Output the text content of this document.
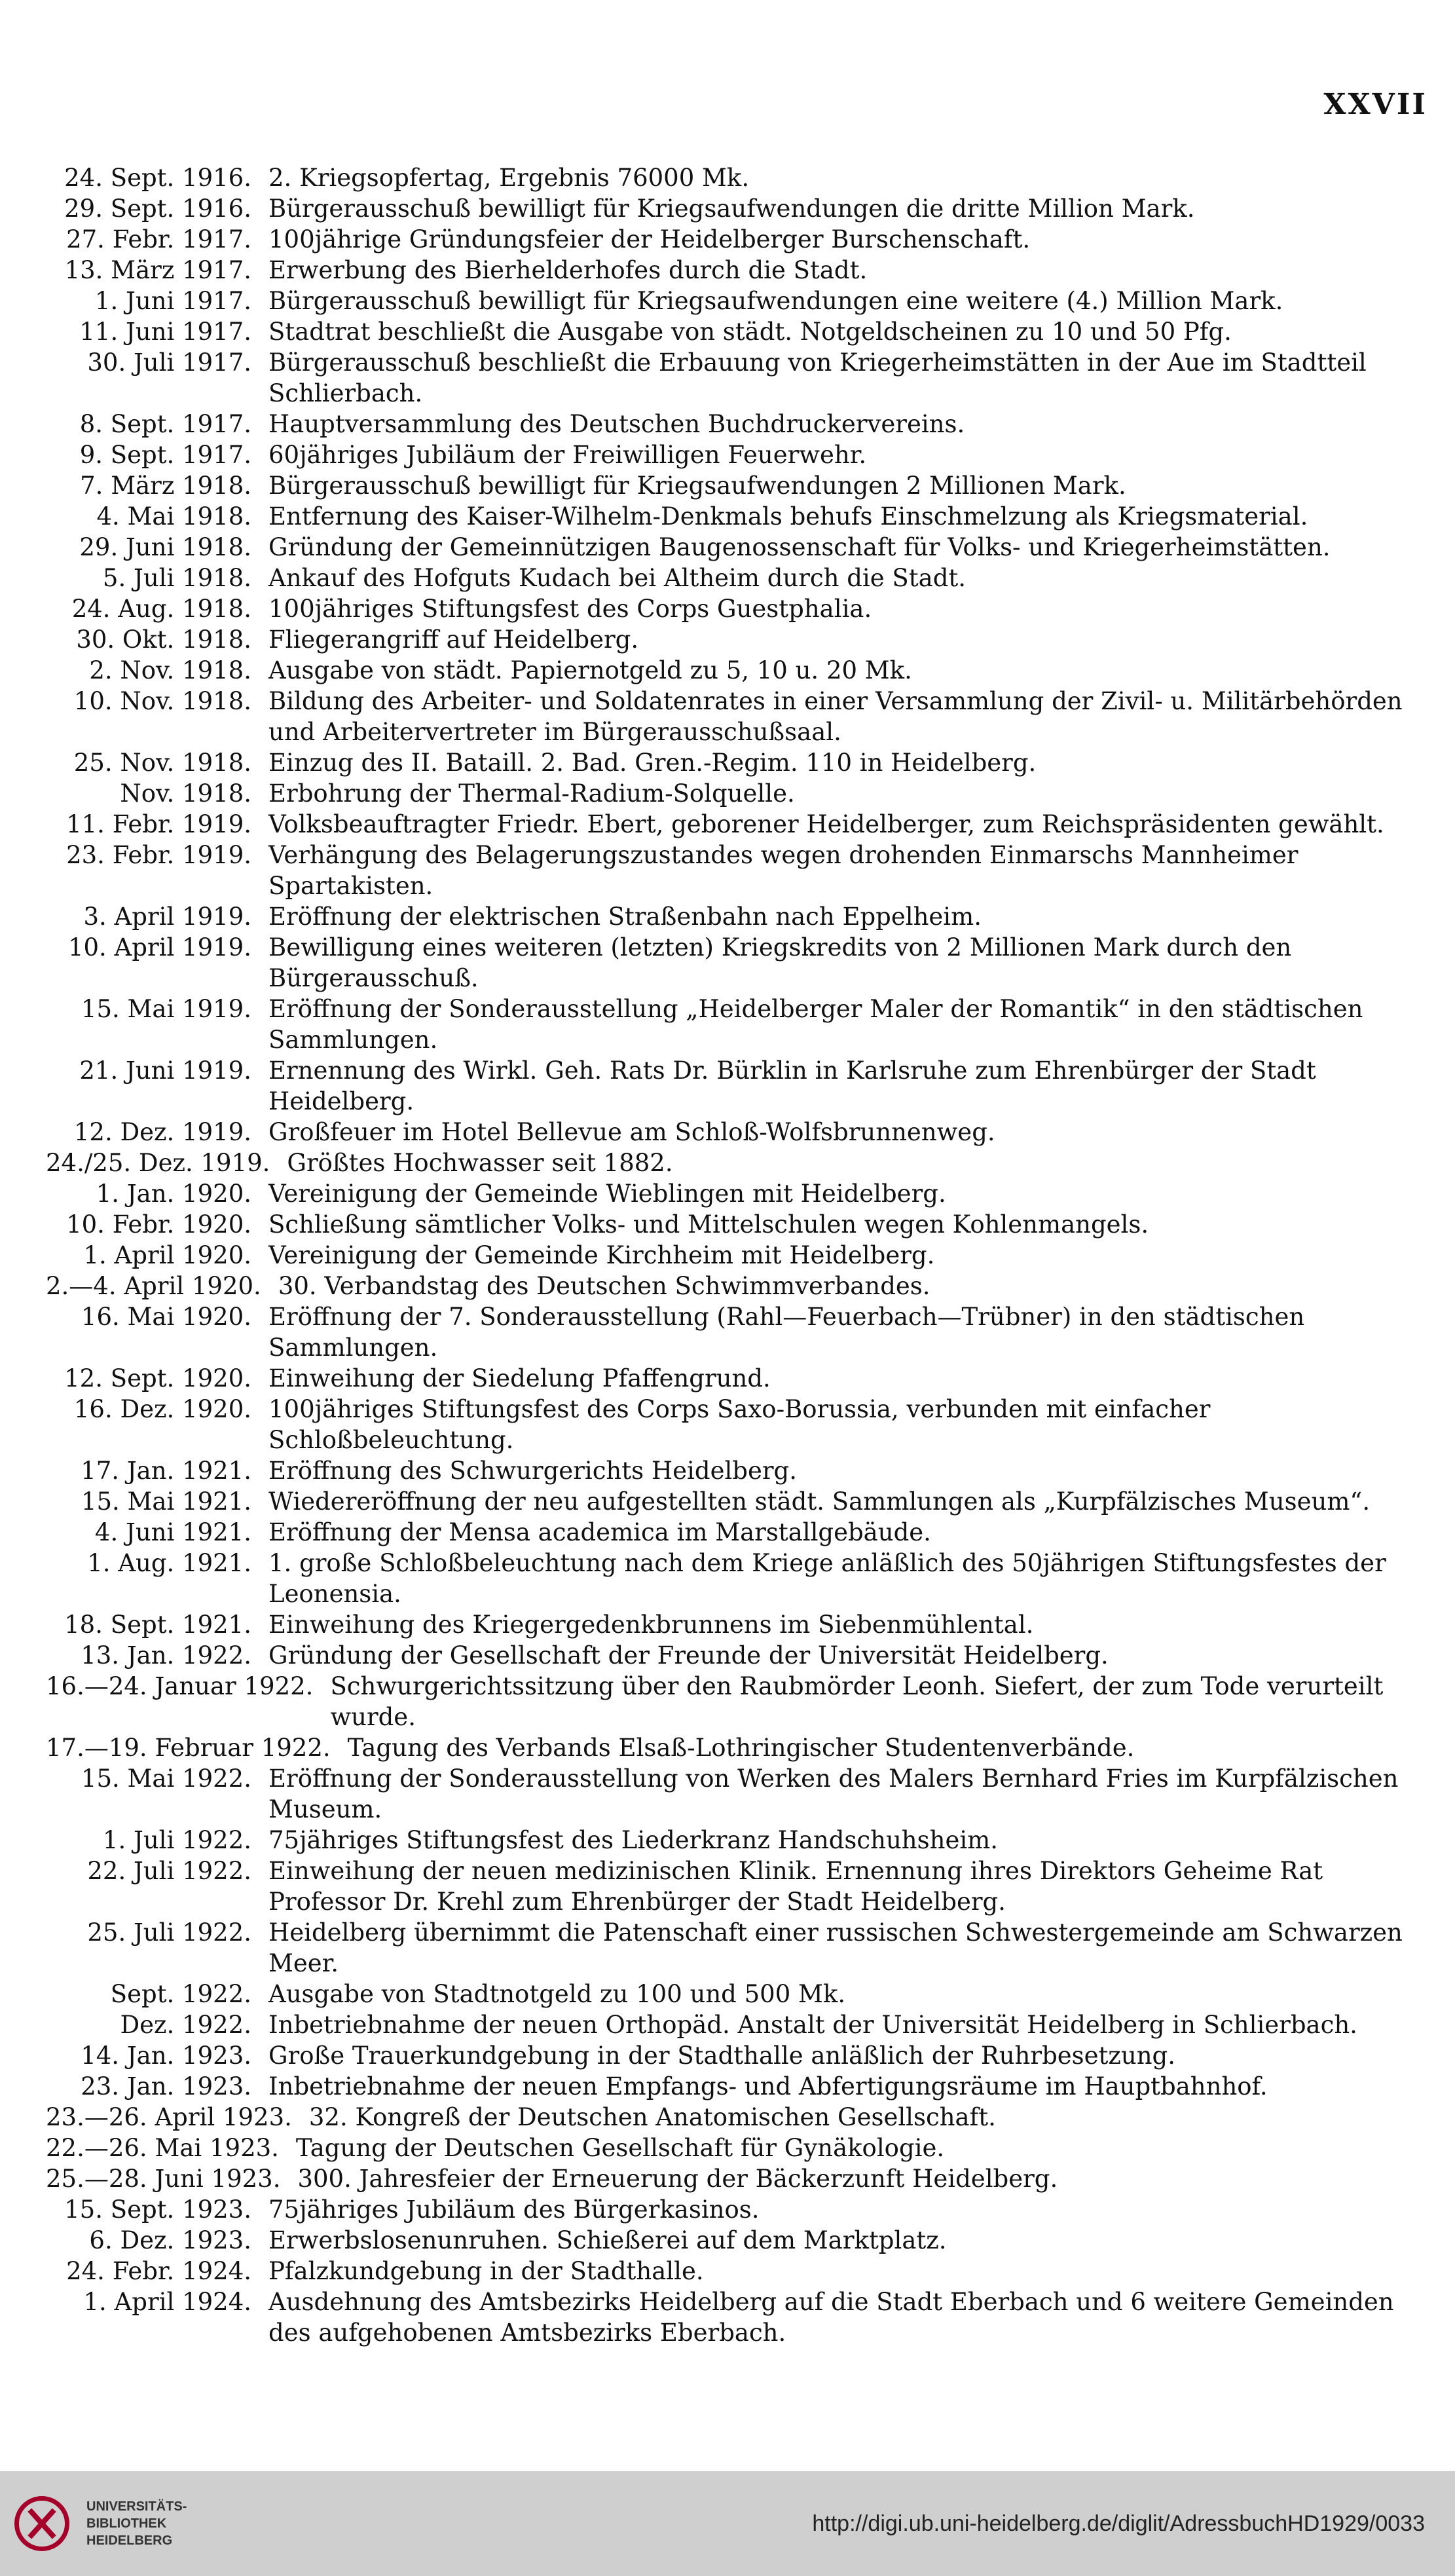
XXVII
24. Sept. 1916. 2. Kriegsopfertag, Ergebnis 76000 Mk.
29. Sept. 1916. Bürgerausschuß bewilligt für Kriegsaufwendungen die dritte Million Mark.
27. Febr. 1917. 100jährige Gründungsfeier der Heidelberger Burschenschaft.
13. März 1917. Erwerbung des Bierhelderhofes durch die Stadt.
1. Juni 1917. Bürgerausschuß bewilligt für Kriegsaufwendungen eine weitere (4.) Million Mark.
11. Juni 1917. Stadtrat beschließt die Ausgabe von städt. Notgeldscheinen zu 10 und 50 Pfg.
30. Juli 1917. Bürgerausschuß beschließt die Erbauung von Kriegerheimstätten in der Aue im Stadtteil Schlierbach.
8. Sept. 1917. Hauptversammlung des Deutschen Buchdruckervereins.
9. Sept. 1917. 60jähriges Jubiläum der Freiwilligen Feuerwehr.
7. März 1918. Bürgerausschuß bewilligt für Kriegsaufwendungen 2 Millionen Mark.
4. Mai 1918. Entfernung des Kaiser-Wilhelm-Denkmals behufs Einschmelzung als Kriegsmaterial.
29. Juni 1918. Gründung der Gemeinnützigen Baugenossenschaft für Volks- und Kriegerheimstätten.
5. Juli 1918. Ankauf des Hofguts Kudach bei Altheim durch die Stadt.
24. Aug. 1918. 100jähriges Stiftungsfest des Corps Guestphalia.
30. Okt. 1918. Fliegerangriff auf Heidelberg.
2. Nov. 1918. Ausgabe von städt. Papiernotgeld zu 5, 10 u. 20 Mk.
10. Nov. 1918. Bildung des Arbeiter- und Soldatenrates in einer Versammlung der Zivil- u. Militärbehörden und Arbeitervertreter im Bürgerausschußsaal.
25. Nov. 1918. Einzug des II. Bataill. 2. Bad. Gren.-Regim. 110 in Heidelberg.
Nov. 1918. Erbohrung der Thermal-Radium-Solquelle.
11. Febr. 1919. Volksbeauftragter Friedr. Ebert, geborener Heidelberger, zum Reichspräsidenten gewählt.
23. Febr. 1919. Verhängung des Belagerungszustandes wegen drohenden Einmarschs Mannheimer Spartakisten.
3. April 1919. Eröffnung der elektrischen Straßenbahn nach Eppelheim.
10. April 1919. Bewilligung eines weiteren (letzten) Kriegskredits von 2 Millionen Mark durch den Bürgerausschuß.
15. Mai 1919. Eröffnung der Sonderausstellung „Heidelberger Maler der Romantik“ in den städtischen Sammlungen.
21. Juni 1919. Ernennung des Wirkl. Geh. Rats Dr. Bürklin in Karlsruhe zum Ehrenbürger der Stadt Heidelberg.
12. Dez. 1919. Großfeuer im Hotel Bellevue am Schloß-Wolfsbrunnenweg.
24./25. Dez. 1919. Größtes Hochwasser seit 1882.
1. Jan. 1920. Vereinigung der Gemeinde Wieblingen mit Heidelberg.
10. Febr. 1920. Schließung sämtlicher Volks- und Mittelschulen wegen Kohlenmangels.
1. April 1920. Vereinigung der Gemeinde Kirchheim mit Heidelberg.
2.—4. April 1920. 30. Verbandstag des Deutschen Schwimmverbandes.
16. Mai 1920. Eröffnung der 7. Sonderausstellung (Rahl—Feuerbach—Trübner) in den städtischen Sammlungen.
12. Sept. 1920. Einweihung der Siedelung Pfaffengrund.
16. Dez. 1920. 100jähriges Stiftungsfest des Corps Saxo-Borussia, verbunden mit einfacher Schloßbeleuchtung.
17. Jan. 1921. Eröffnung des Schwurgerichts Heidelberg.
15. Mai 1921. Wiedereröffnung der neu aufgestellten städt. Sammlungen als „Kurpfälzisches Museum“.
4. Juni 1921. Eröffnung der Mensa academica im Marstallgebäude.
1. Aug. 1921. 1. große Schloßbeleuchtung nach dem Kriege anläßlich des 50jährigen Stiftungsfestes der Leonensia.
18. Sept. 1921. Einweihung des Kriegergedenkbrunnens im Siebenmühlental.
13. Jan. 1922. Gründung der Gesellschaft der Freunde der Universität Heidelberg.
16.—24. Januar 1922. Schwurgerichtssitzung über den Raubmörder Leonh. Siefert, der zum Tode verurteilt wurde.
17.—19. Februar 1922. Tagung des Verbands Elsaß-Lothringischer Studentenverbände.
15. Mai 1922. Eröffnung der Sonderausstellung von Werken des Malers Bernhard Fries im Kurpfälzischen Museum.
1. Juli 1922. 75jähriges Stiftungsfest des Liederkranz Handschuhsheim.
22. Juli 1922. Einweihung der neuen medizinischen Klinik. Ernennung ihres Direktors Geheime Rat Professor Dr. Krehl zum Ehrenbürger der Stadt Heidelberg.
25. Juli 1922. Heidelberg übernimmt die Patenschaft einer russischen Schwestergemeinde am Schwarzen Meer.
Sept. 1922. Ausgabe von Stadtnotgeld zu 100 und 500 Mk.
Dez. 1922. Inbetriebnahme der neuen Orthopäd. Anstalt der Universität Heidelberg in Schlierbach.
14. Jan. 1923. Große Trauerkundgebung in der Stadthalle anläßlich der Ruhrbesetzung.
23. Jan. 1923. Inbetriebnahme der neuen Empfangs- und Abfertigungsräume im Hauptbahnhof.
23.—26. April 1923. 32. Kongreß der Deutschen Anatomischen Gesellschaft.
22.—26. Mai 1923. Tagung der Deutschen Gesellschaft für Gynäkologie.
25.—28. Juni 1923. 300. Jahresfeier der Erneuerung der Bäckerzunft Heidelberg.
15. Sept. 1923. 75jähriges Jubiläum des Bürgerkasinos.
6. Dez. 1923. Erwerbslosenunruhen. Schießerei auf dem Marktplatz.
24. Febr. 1924. Pfalzkundgebung in der Stadthalle.
1. April 1924. Ausdehnung des Amtsbezirks Heidelberg auf die Stadt Eberbach und 6 weitere Gemeinden des aufgehobenen Amtsbezirks Eberbach.
UNIVERSITÄTS-
BIBLIOTHEK
HEIDELBERG
http://digi.ub.uni-heidelberg.de/diglit/AdressbuchHD1929/0033
